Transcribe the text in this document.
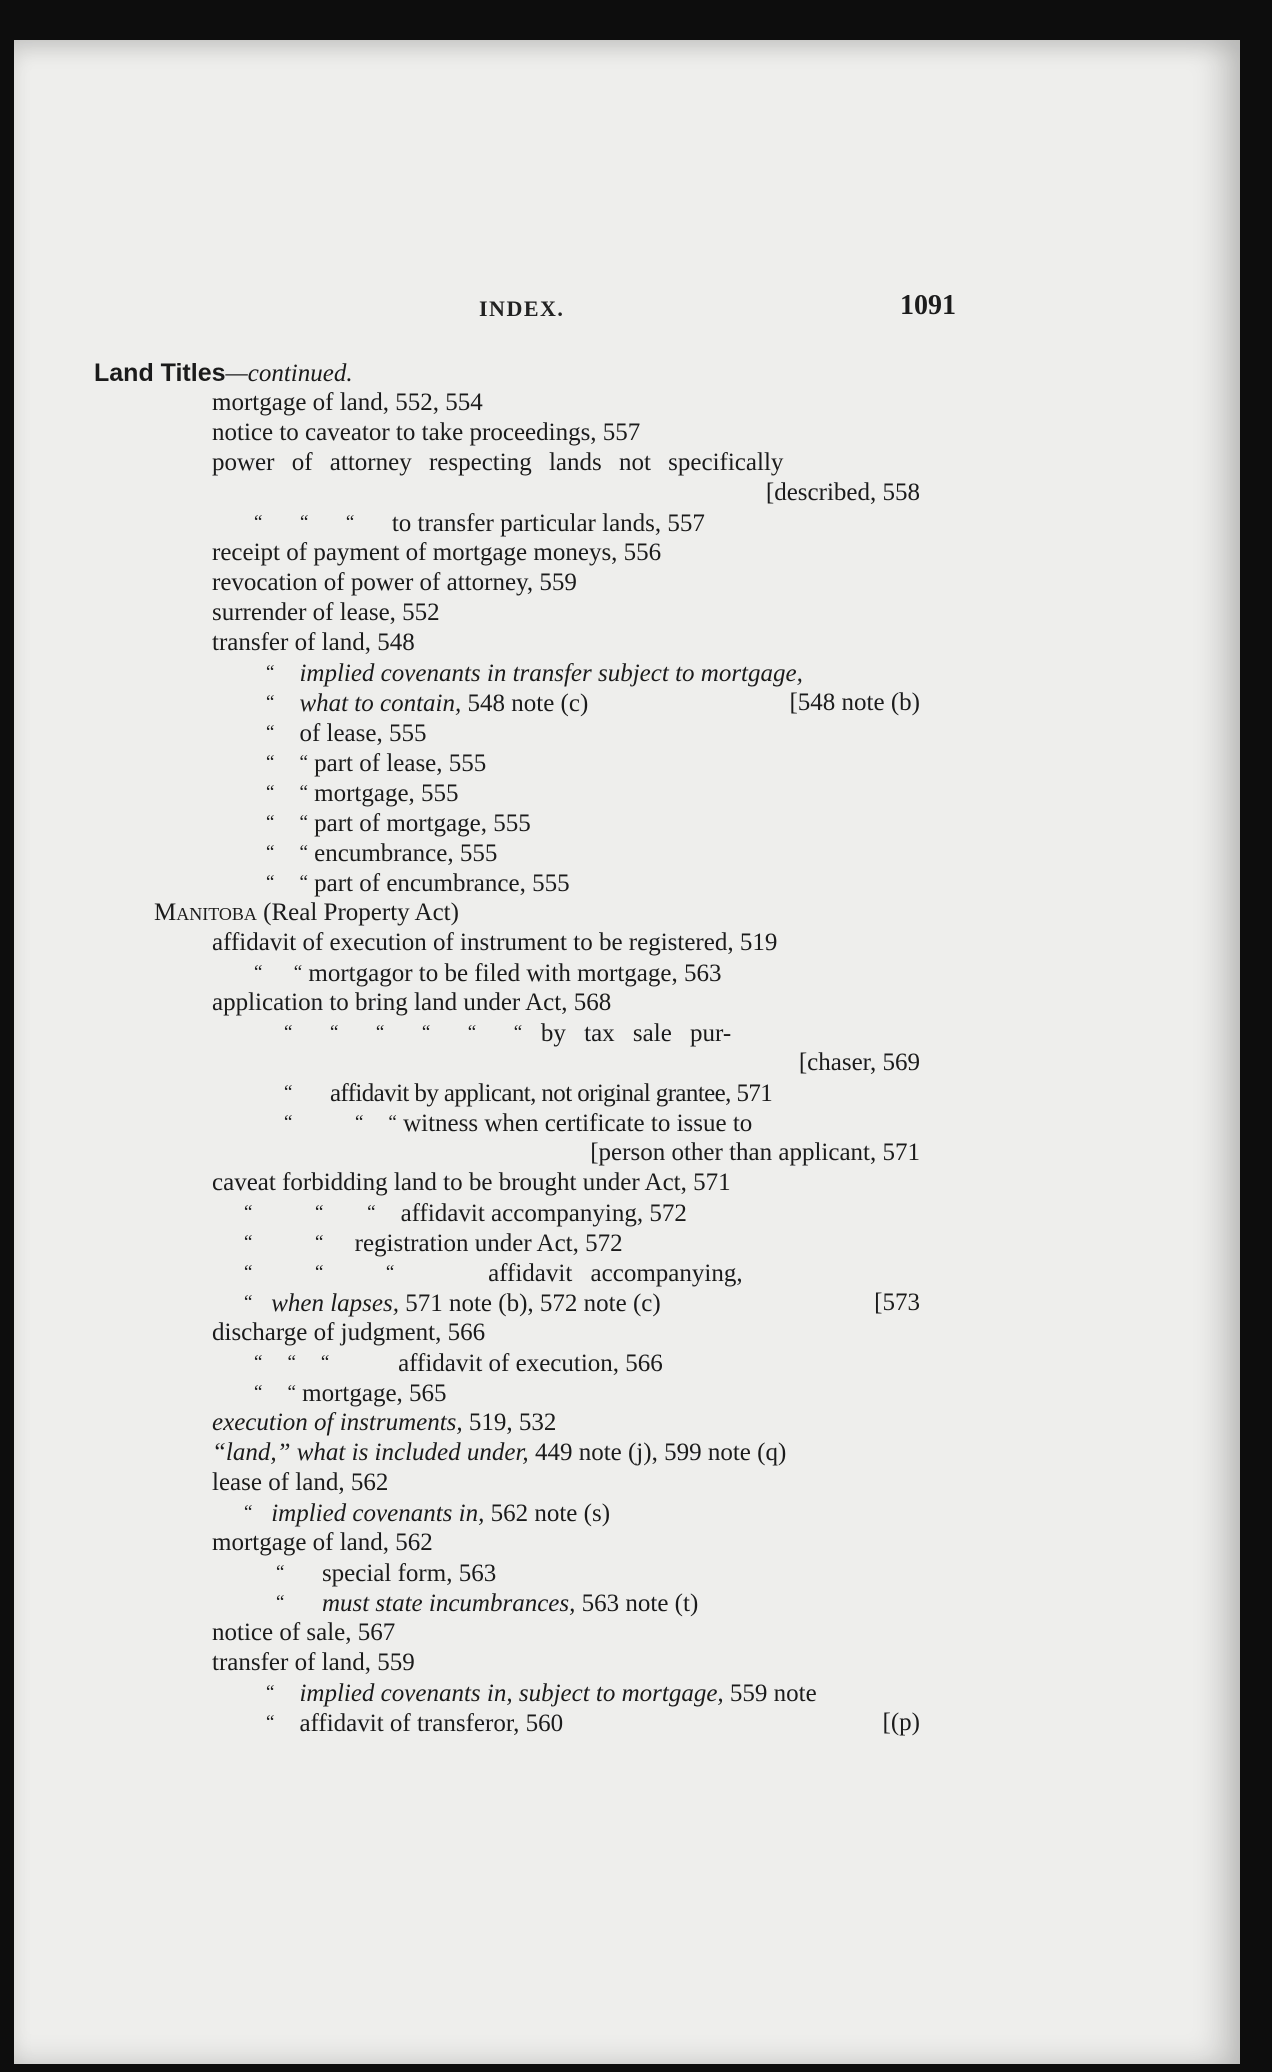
INDEX.	1091
Land Titles—continued.
mortgage of land, 552, 554
notice to caveator to take proceedings, 557
power of attorney respecting lands not specifically
[described, 558
“ “ “ to transfer particular lands, 557
receipt of payment of mortgage moneys, 556
revocation of power of attorney, 559
surrender of lease, 552
transfer of land, 548
“ implied covenants in transfer subject to mortgage,
“ what to contain, 548 note (c)	[548 note (b)
“ of lease, 555
“ “ part of lease, 555
“ “ mortgage, 555
“ “ part of mortgage, 555
“ “ encumbrance, 555
“ “ part of encumbrance, 555
Manitoba (Real Property Act)
affidavit of execution of instrument to be registered, 519
“ “ mortgagor to be filed with mortgage, 563
application to bring land under Act, 568
“ “ “ “ “ “ by tax sale pur-
[chaser, 569
“ affidavit by applicant, not original grantee, 571
“	“ “ witness when certificate to issue to
[person other than applicant, 571
caveat forbidding land to be brought under Act, 571
“	“ “ affidavit accompanying, 572
“	“ registration under Act, 572
“	“	“	affidavit accompanying,
“ when lapses, 571 note (b), 572 note (c)	[573
discharge of judgment, 566
“ “ “	affidavit of execution, 566
“ “ mortgage, 565
execution of instruments, 519, 532
“land,” what is included under, 449 note (j), 599 note (q)
lease of land, 562
“ implied covenants in, 562 note (s)
mortgage of land, 562
“ special form, 563
“ must state incumbrances, 563 note (t)
notice of sale, 567
transfer of land, 559
“ implied covenants in, subject to mortgage, 559 note
“ affidavit of transferor, 560	[(p)
